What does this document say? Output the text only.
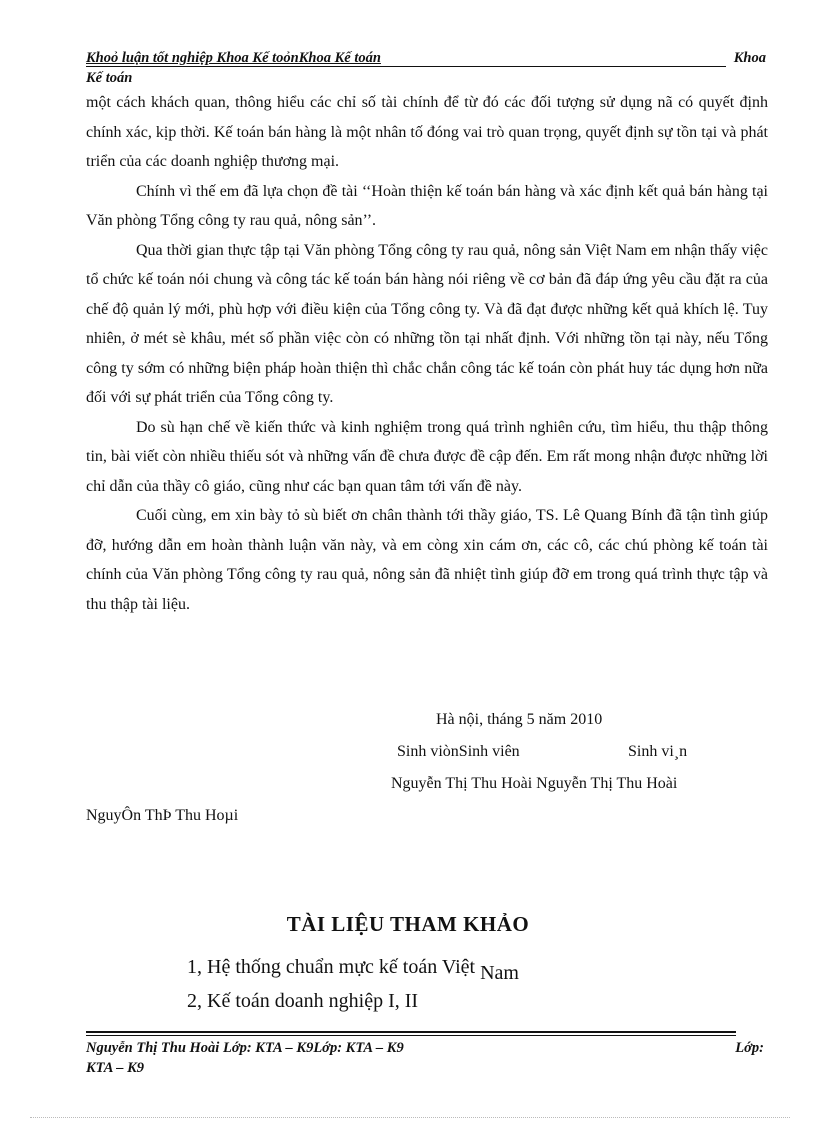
Khoỏ luận tốt nghiệp Khoa Kế toỏnKhoa Kế toán	Khoa
Kế toán

một cách khách quan, thông hiểu các chỉ số tài chính để từ đó các đối tượng sử dụng nã có quyết định chính xác, kịp thời. Kế toán bán hàng là một nhân tố đóng vai trò quan trọng, quyết định sự tồn tại và phát triển của các doanh nghiệp thương mại.

Chính vì thế em đã lựa chọn đề tài ‘‘Hoàn thiện kế toán bán hàng và xác định kết quả bán hàng tại Văn phòng Tổng công ty rau quả, nông sản’’.

Qua thời gian thực tập tại Văn phòng Tổng công ty rau quả, nông sản Việt Nam em nhận thấy việc tổ chức kế toán nói chung và công tác kế toán bán hàng nói riêng về cơ bản đã đáp ứng yêu cầu đặt ra của chế độ quản lý mới, phù hợp với điều kiện của Tổng công ty. Và đã đạt được những kết quả khích lệ. Tuy nhiên, ở mét sè khâu, mét số phần việc còn có những tồn tại nhất định. Với những tồn tại này, nếu Tổng công ty sớm có những biện pháp hoàn thiện thì chắc chắn công tác kế toán còn phát huy tác dụng hơn nữa đối với sự phát triển của Tổng công ty.

Do sù hạn chế về kiến thức và kinh nghiệm trong quá trình nghiên cứu, tìm hiểu, thu thập thông tin, bài viết còn nhiều thiếu sót và những vấn đề chưa được đề cập đến. Em rất mong nhận được những lời chỉ dẫn của thầy cô giáo, cũng như các bạn quan tâm tới vấn đề này.

Cuối cùng, em xin bày tỏ sù biết ơn chân thành tới thầy giáo, TS. Lê Quang Bính đã tận tình giúp đỡ, hướng dẫn em hoàn thành luận văn này, và em còng xin cám ơn, các cô, các chú phòng kế toán tài chính của Văn phòng Tổng công ty rau quả, nông sản đã nhiệt tình giúp đỡ em trong quá trình thực tập và thu thập tài liệu.

Hà nội, tháng 5 năm 2010
Sinh viònSinh viên	Sinh vi¸n
Nguyễn Thị Thu Hoài Nguyễn Thị Thu Hoài
NguyÔn ThÞ Thu Hoµi
TÀI LIỆU THAM KHẢO
1, Hệ thống chuẩn mực kế toán Việt Nam
2, Kế toán doanh nghiệp I, II
Nguyễn Thị Thu Hoài Lớp: KTA – K9Lớp: KTA – K9	Lớp:
KTA – K9
